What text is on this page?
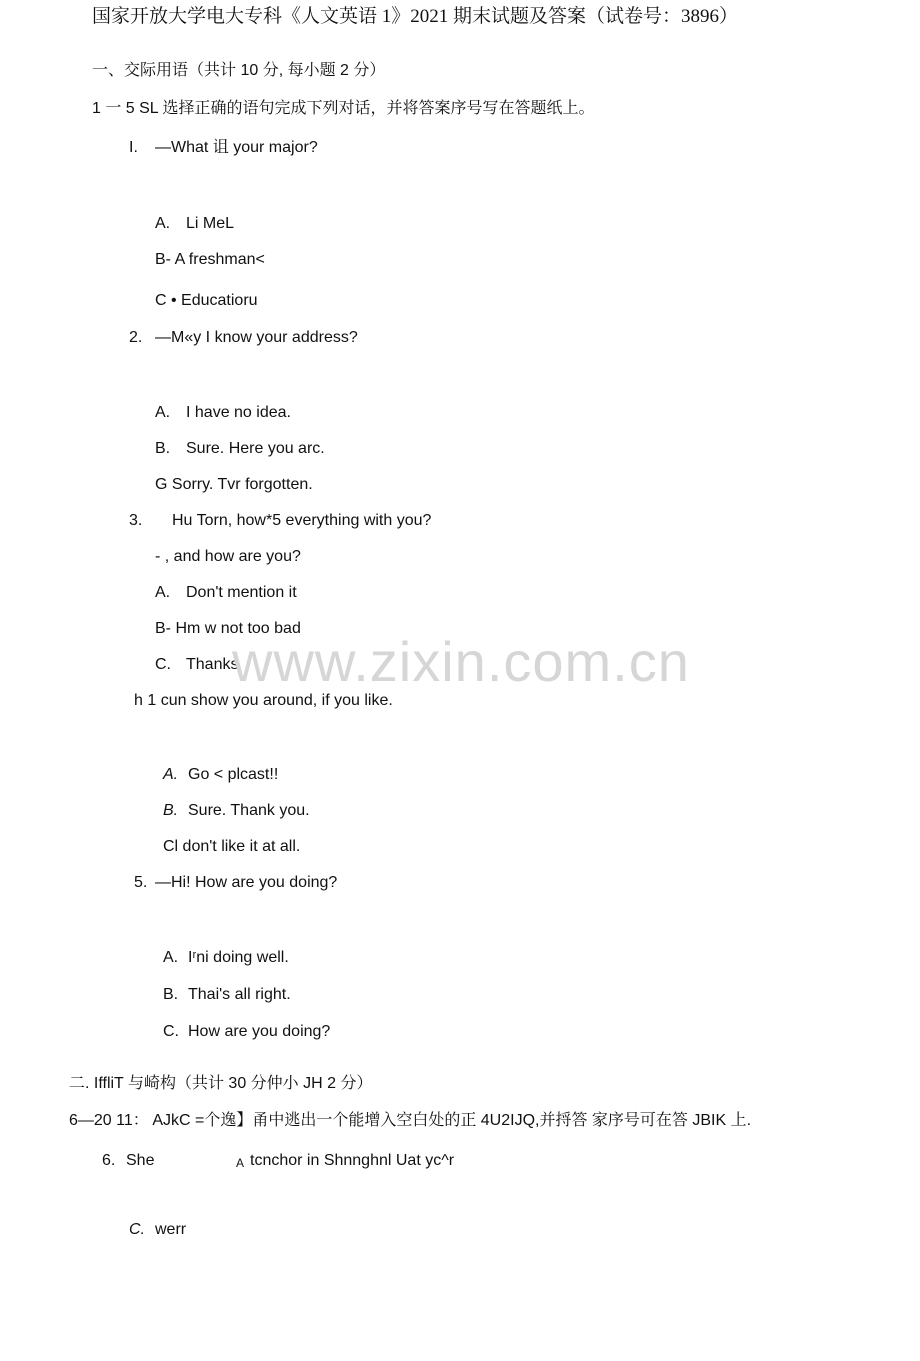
国家开放大学电大专科《人文英语 1》2021 期末试题及答案（试卷号：3896）
一、交际用语（共计 10 分, 每小题 2 分）
1 一 5 SL 选择正确的语句完成下列对话，并将答案序号写在答题纸上。
I. —What 诅 your major?
A. Li MeL
B- A freshman<
C • Educatioru
2. —M«y I know your address?
A. I have no idea.
B. Sure. Here you arc.
G Sorry. Tvr forgotten.
3. Hu Torn, how*5 everything with you?
- , and how are you?
A. Don't mention it
B- Hm w not too bad
C. Thanks
h 1 cun show you around, if you like.
A. Go < plcast!!
B. Sure. Thank you.
Cl don't like it at all.
5. —Hi! How are you doing?
A. Iʳni doing well.
B. Thai's all right.
C. How are you doing?
二. IffliT 与崎构（共计 30 分仲小 JH 2 分）
6—20 11： AJkC =个逸】甬中逃出一个能增入空白处的正 4U2IJQ,并捋答 家序号可在答 JBIK 上.
6. She	A tcnchor in Shnnghnl Uat yc^r
C. werr
www.zixin.com.cn
